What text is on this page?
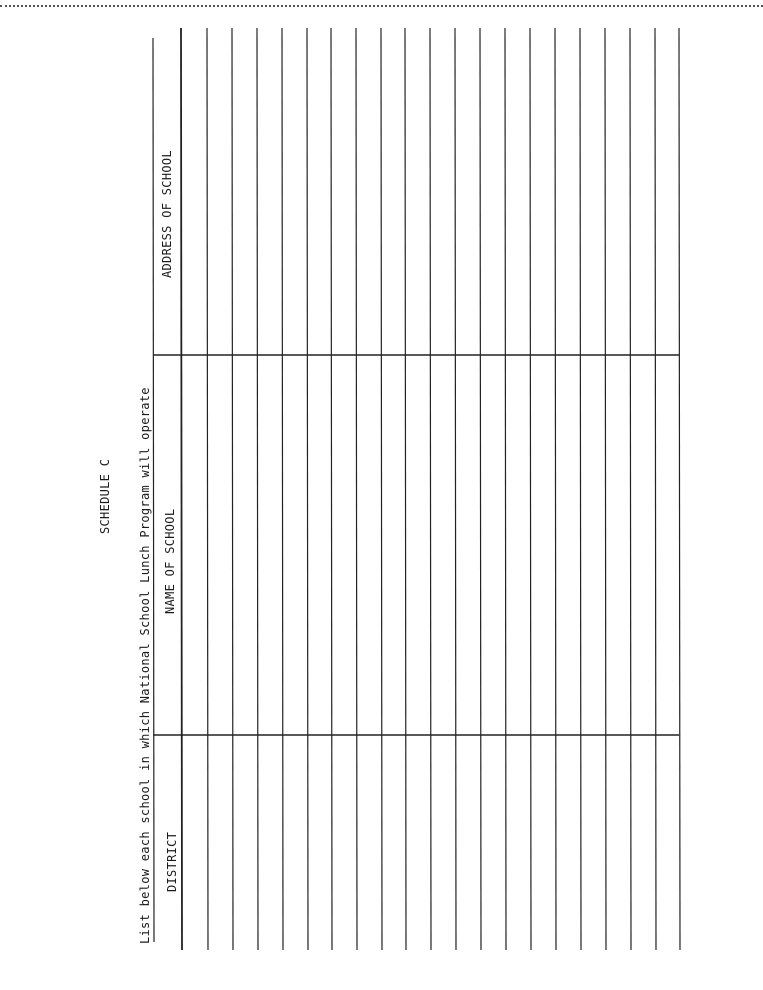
SCHEDULE C List below each school in which National School Lunch Program will operate DISTRICT
NAME OF SCHOOL
ADDRESS OF SCHOOL
